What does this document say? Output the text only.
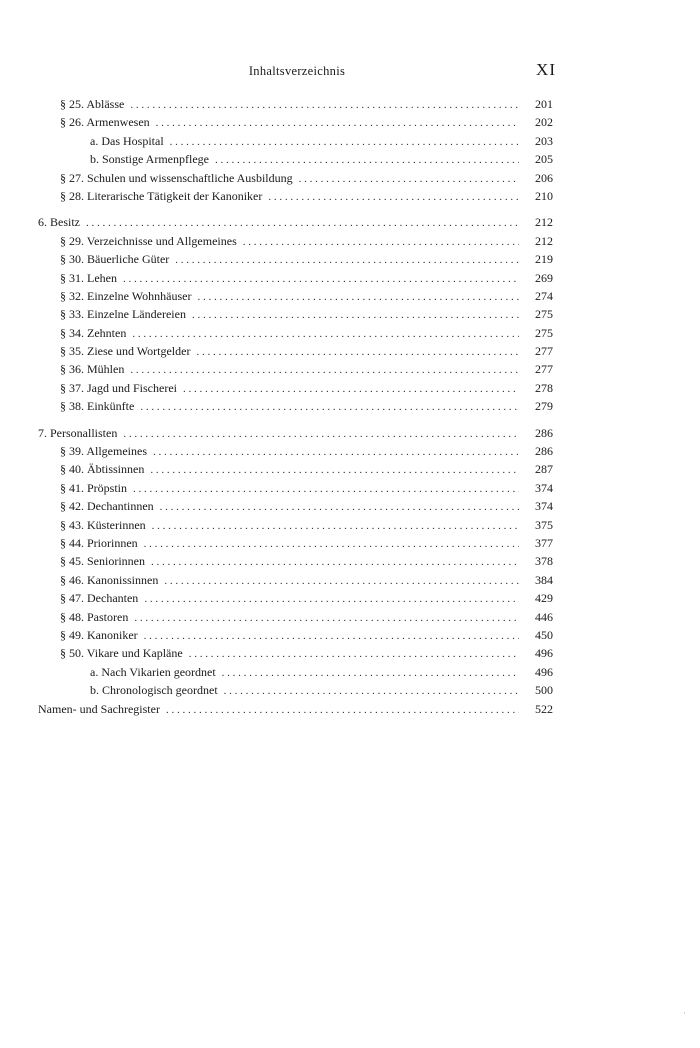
Inhaltsverzeichnis	XI
§ 25. Ablässe . . .	201
§ 26. Armenwesen . . .	202
a. Das Hospital . . .	203
b. Sonstige Armenpflege . . .	205
§ 27. Schulen und wissenschaftliche Ausbildung . . .	206
§ 28. Literarische Tätigkeit der Kanoniker . . .	210
6. Besitz . . .	212
§ 29. Verzeichnisse und Allgemeines . . .	212
§ 30. Bäuerliche Güter . . .	219
§ 31. Lehen . . .	269
§ 32. Einzelne Wohnhäuser . . .	274
§ 33. Einzelne Ländereien . . .	275
§ 34. Zehnten . . .	275
§ 35. Ziese und Wortgelder . . .	277
§ 36. Mühlen . . .	277
§ 37. Jagd und Fischerei . . .	278
§ 38. Einkünfte . . .	279
7. Personallisten . . .	286
§ 39. Allgemeines . . .	286
§ 40. Äbtissinnen . . .	287
§ 41. Pröpstin . . .	374
§ 42. Dechantinnen . . .	374
§ 43. Küsterinnen . . .	375
§ 44. Priorinnen . . .	377
§ 45. Seniorinnen . . .	378
§ 46. Kanonissinnen . . .	384
§ 47. Dechanten . . .	429
§ 48. Pastoren . . .	446
§ 49. Kanoniker . . .	450
§ 50. Vikare und Kapläne . . .	496
a. Nach Vikarien geordnet . . .	496
b. Chronologisch geordnet . . .	500
Namen- und Sachregister . . .	522
·
